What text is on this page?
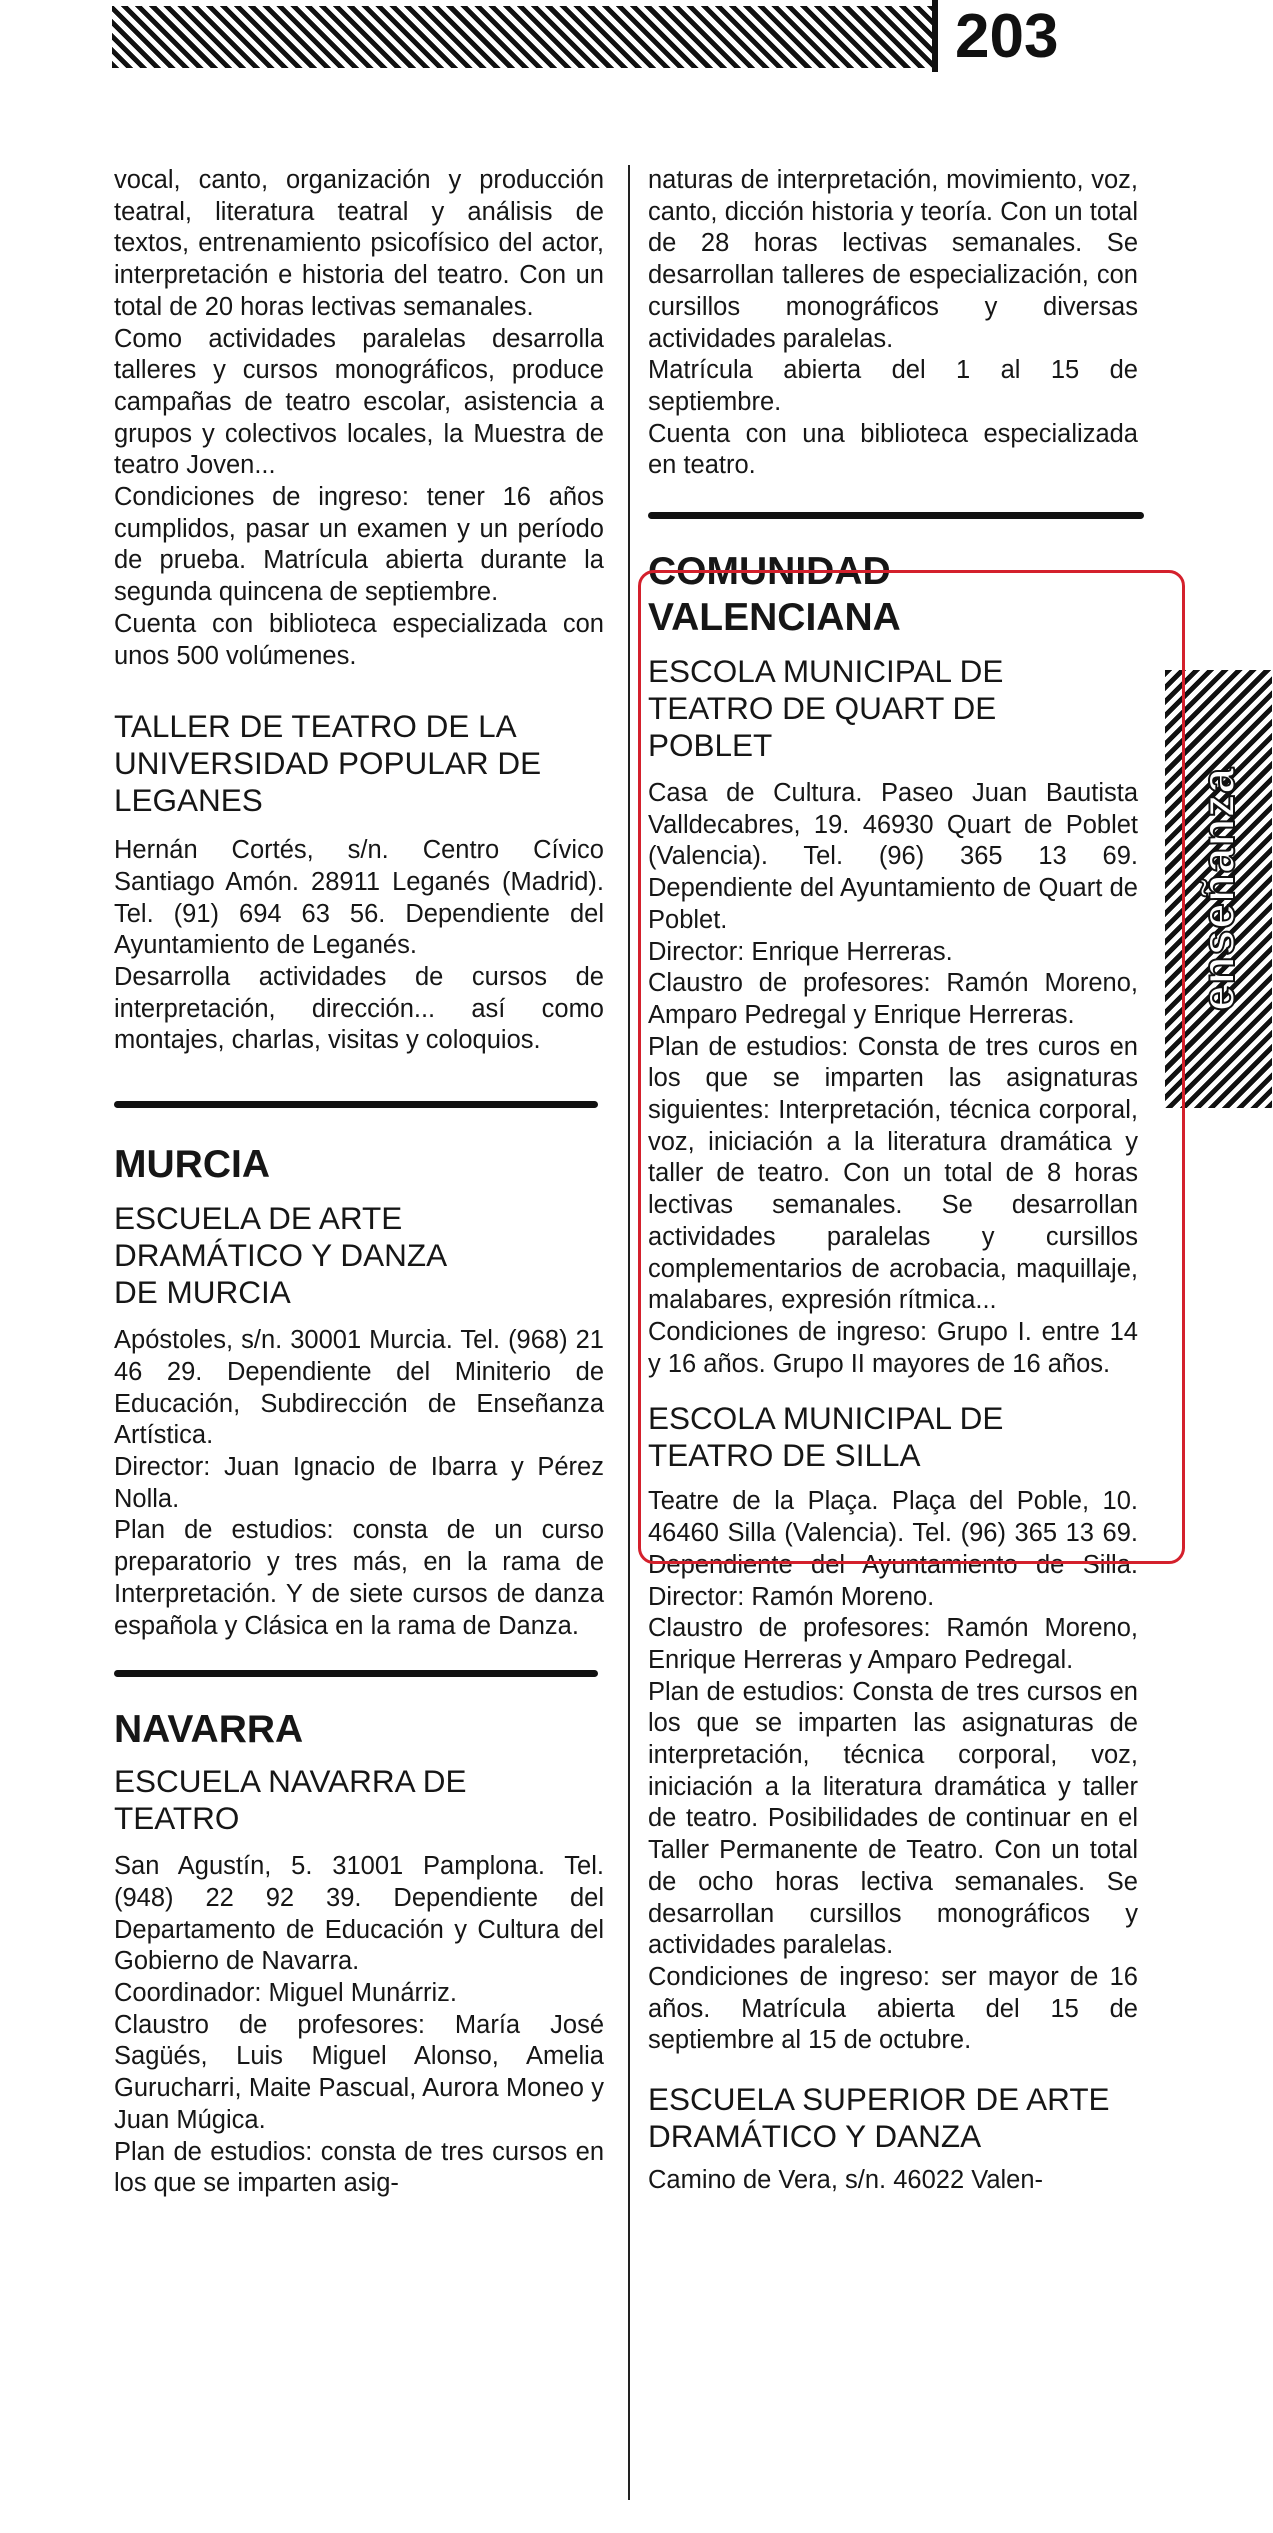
203
enseñanza

vocal, canto, organización y producción teatral, literatura teatral y análisis de textos, entrenamiento psicofísico del actor, interpretación e historia del teatro. Con un total de 20 horas lectivas semanales.

Como actividades paralelas desarrolla talleres y cursos monográficos, produce campañas de teatro escolar, asistencia a grupos y colectivos locales, la Muestra de teatro Joven...

Condiciones de ingreso: tener 16 años cumplidos, pasar un examen y un período de prueba. Matrícula abierta durante la segunda quincena de septiembre.

Cuenta con biblioteca especializada con unos 500 volúmenes.

TALLER DE TEATRO DE LA UNIVERSIDAD POPULAR DE LEGANES

Hernán Cortés, s/n. Centro Cívico Santiago Amón. 28911 Leganés (Madrid). Tel. (91) 694 63 56. Dependiente del Ayuntamiento de Leganés.

Desarrolla actividades de cursos de interpretación, dirección... así como montajes, charlas, visitas y coloquios.

MURCIA
ESCUELA DE ARTE DRAMÁTICO Y DANZA DE MURCIA

Apóstoles, s/n. 30001 Murcia. Tel. (968) 21 46 29. Dependiente del Miniterio de Educación, Subdirección de Enseñanza Artística.

Director: Juan Ignacio de Ibarra y Pérez Nolla.

Plan de estudios: consta de un curso preparatorio y tres más, en la rama de Interpretación. Y de siete cursos de danza española y Clásica en la rama de Danza.

NAVARRA
ESCUELA NAVARRA DE TEATRO

San Agustín, 5. 31001 Pamplona. Tel. (948) 22 92 39. Dependiente del Departamento de Educación y Cultura del Gobierno de Navarra.

Coordinador: Miguel Munárriz.

Claustro de profesores: María José Sagüés, Luis Miguel Alonso, Amelia Gurucharri, Maite Pascual, Aurora Moneo y Juan Múgica.

Plan de estudios: consta de tres cursos en los que se imparten asig-

naturas de interpretación, movimiento, voz, canto, dicción historia y teoría. Con un total de 28 horas lectivas semanales. Se desarrollan talleres de especialización, con cursillos monográficos y diversas actividades paralelas.

Matrícula abierta del 1 al 15 de septiembre.

Cuenta con una biblioteca especializada en teatro.

COMUNIDAD VALENCIANA
ESCOLA MUNICIPAL DE TEATRO DE QUART DE POBLET

Casa de Cultura. Paseo Juan Bautista Valldecabres, 19. 46930 Quart de Poblet (Valencia). Tel. (96) 365 13 69. Dependiente del Ayuntamiento de Quart de Poblet.

Director: Enrique Herreras.

Claustro de profesores: Ramón Moreno, Amparo Pedregal y Enrique Herreras.

Plan de estudios: Consta de tres curos en los que se imparten las asignaturas siguientes: Interpretación, técnica corporal, voz, iniciación a la literatura dramática y taller de teatro. Con un total de 8 horas lectivas semanales. Se desarrollan actividades paralelas y cursillos complementarios de acrobacia, maquillaje, malabares, expresión rítmica...

Condiciones de ingreso: Grupo I. entre 14 y 16 años. Grupo II mayores de 16 años.

ESCOLA MUNICIPAL DE TEATRO DE SILLA

Teatre de la Plaça. Plaça del Poble, 10. 46460 Silla (Valencia). Tel. (96) 365 13 69. Dependiente del Ayuntamiento de Silla. Director: Ramón Moreno.

Claustro de profesores: Ramón Moreno, Enrique Herreras y Amparo Pedregal.

Plan de estudios: Consta de tres cursos en los que se imparten las asignaturas de interpretación, técnica corporal, voz, iniciación a la literatura dramática y taller de teatro. Posibilidades de continuar en el Taller Permanente de Teatro. Con un total de ocho horas lectiva semanales. Se desarrollan cursillos monográficos y actividades paralelas.

Condiciones de ingreso: ser mayor de 16 años. Matrícula abierta del 15 de septiembre al 15 de octubre.

ESCUELA SUPERIOR DE ARTE DRAMÁTICO Y DANZA

Camino de Vera, s/n. 46022 Valen-
